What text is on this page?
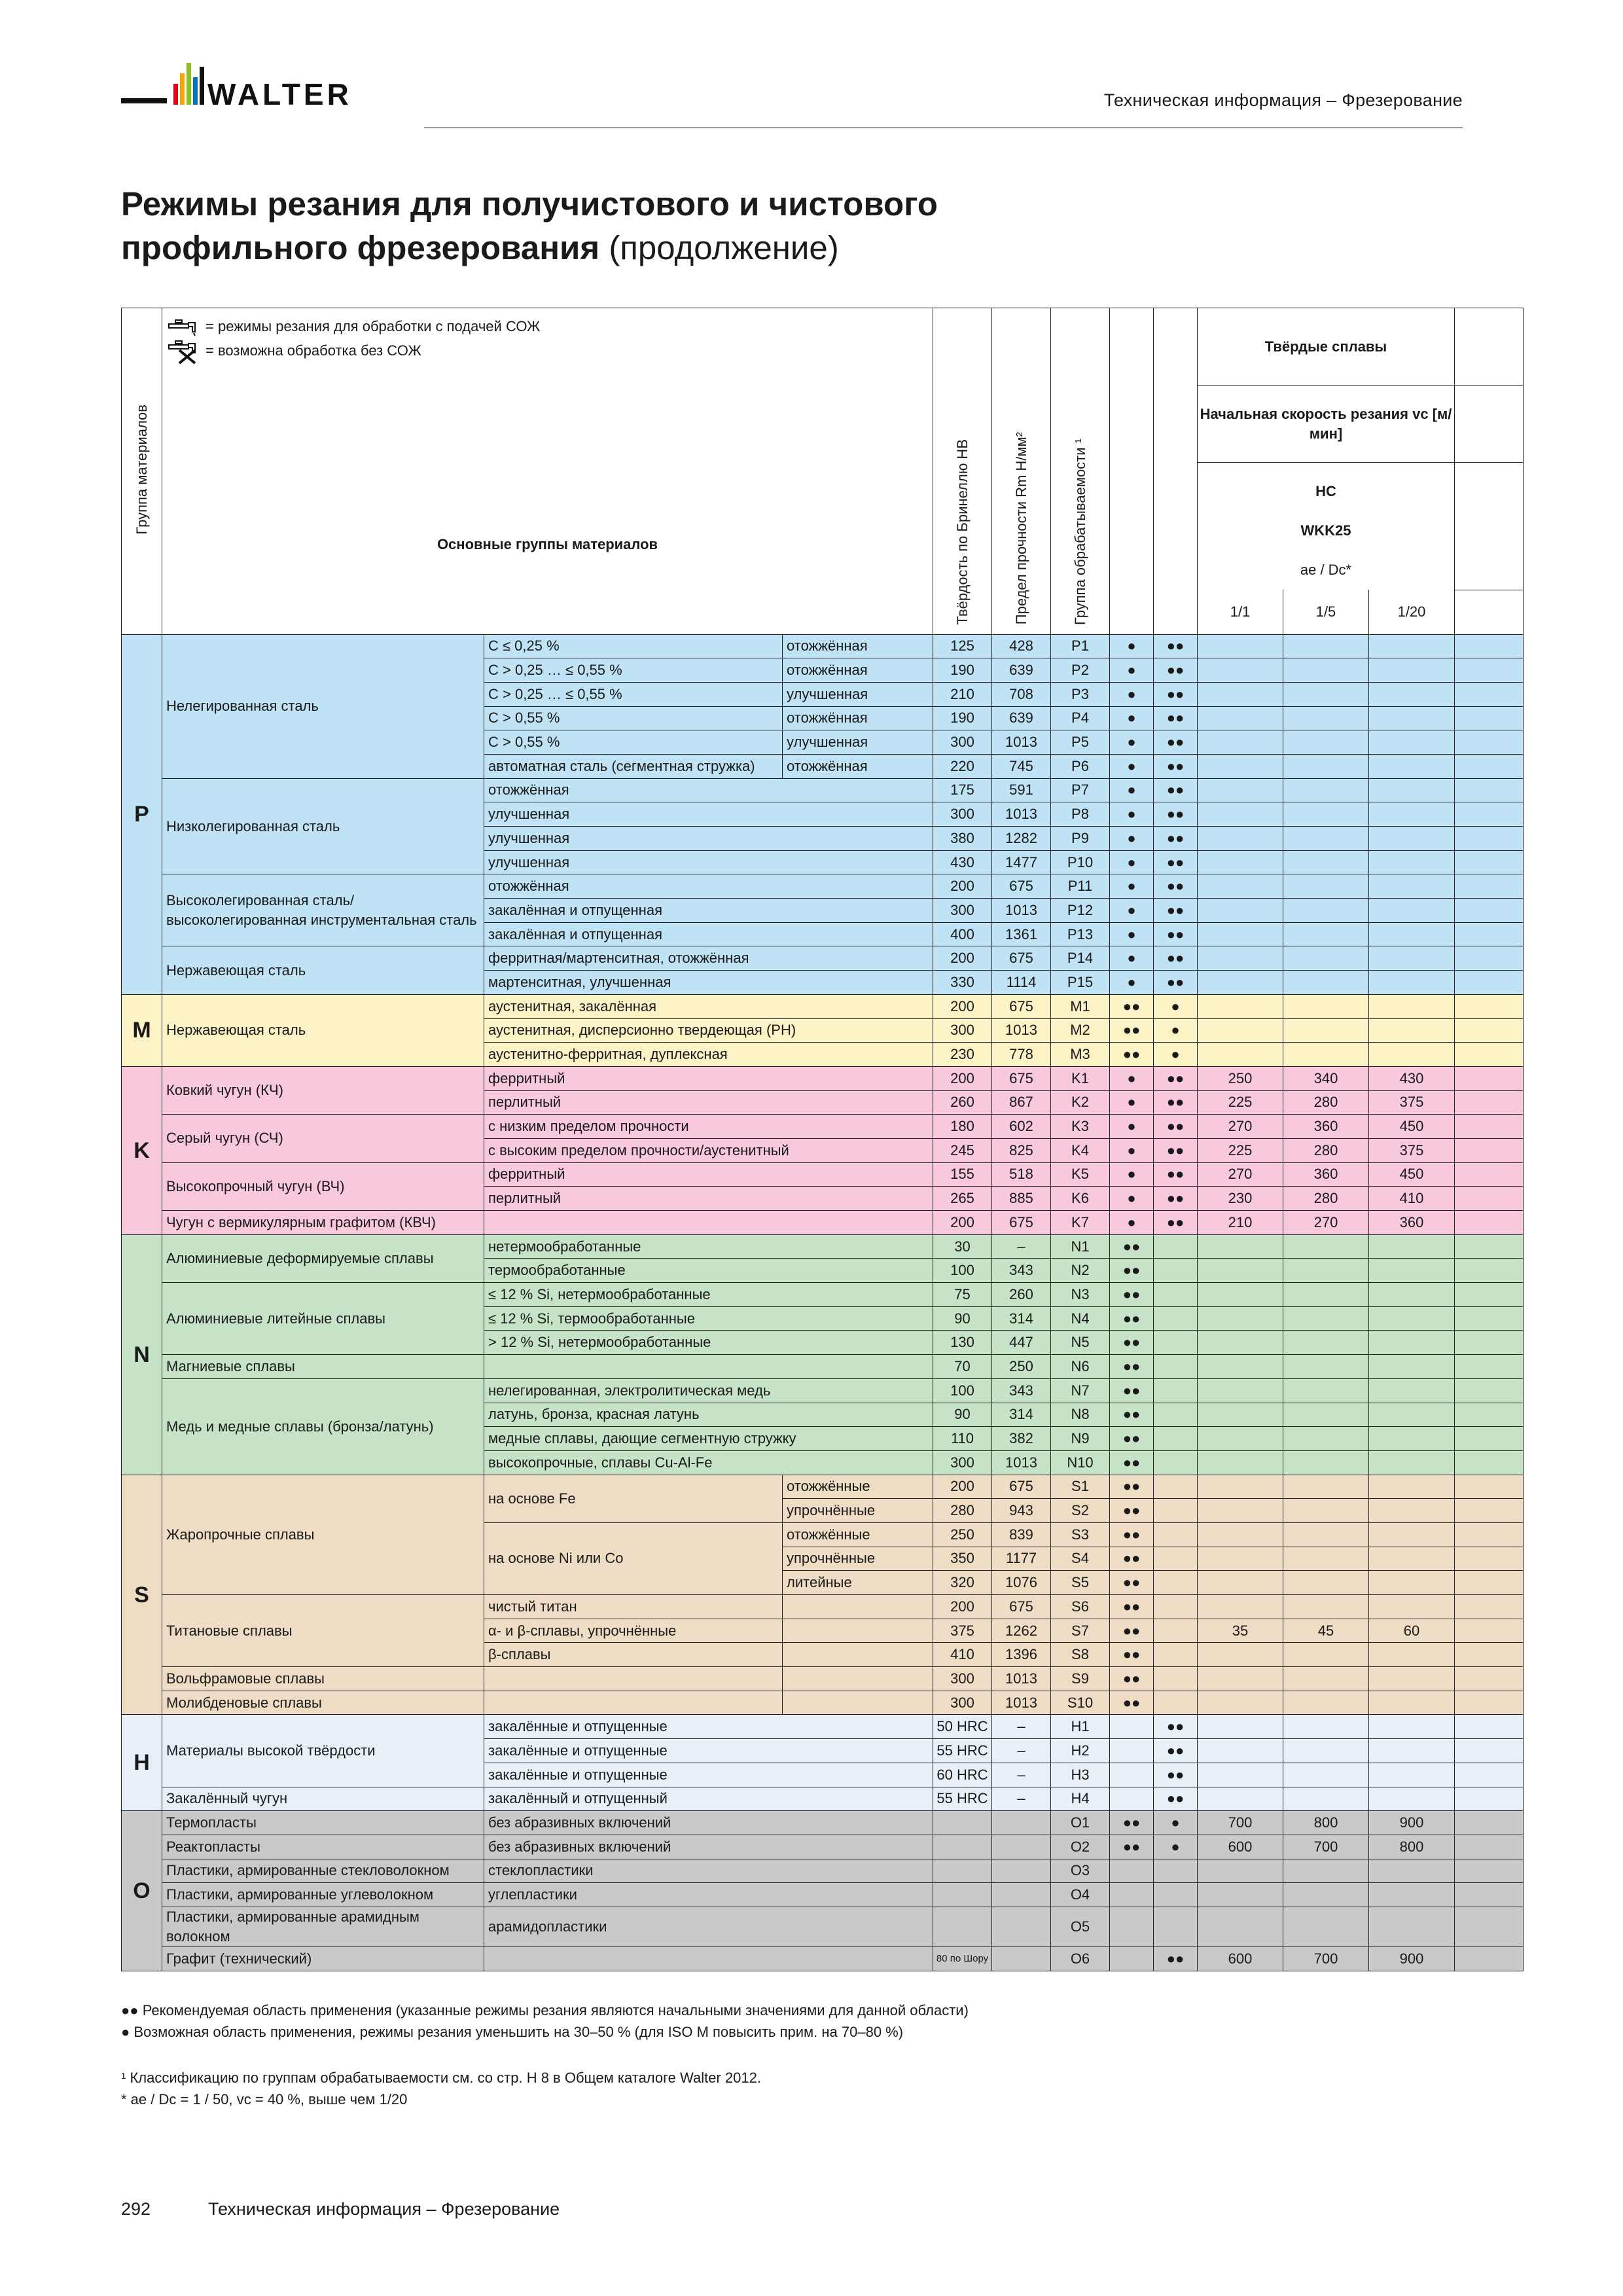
WALTER	Техническая информация – Фрезерование
Режимы резания для получистового и чистового профильного фрезерования (продолжение)
Группа материалов	= режимы резания для обработки с подачей СОЖ
= возможна обработка без СОЖ
Основные группы материалов			Твёрдость по Бринеллю HB	Предел прочности Rm Н/мм²	Группа обрабатываемости ¹			Твёрдые сплавы			
									Начальная скорость резания vc [м/мин]			

									HC
WKK25
ae / Dc*			

									1/1	1/5	1/20	
P	Нелегированная сталь	C ≤ 0,25 %	отожжённая	125	428	P1	●	●●				
		C > 0,25 … ≤ 0,55 %	отожжённая	190	639	P2	●	●●				
		C > 0,25 … ≤ 0,55 %	улучшенная	210	708	P3	●	●●				
		C > 0,55 %	отожжённая	190	639	P4	●	●●				
		C > 0,55 %	улучшенная	300	1013	P5	●	●●				
		автоматная сталь (сегментная стружка)	отожжённая	220	745	P6	●	●●				
	Низколегированная сталь	отожжённая		175	591	P7	●	●●				
		улучшенная		300	1013	P8	●	●●				
		улучшенная		380	1282	P9	●	●●				
		улучшенная		430	1477	P10	●	●●				
	Высоколегированная сталь/высоколегированная инструментальная сталь	отожжённая		200	675	P11	●	●●				
		закалённая и отпущенная		300	1013	P12	●	●●				
		закалённая и отпущенная		400	1361	P13	●	●●				
	Нержавеющая сталь	ферритная/мартенситная, отожжённая		200	675	P14	●	●●				
		мартенситная, улучшенная		330	1114	P15	●	●●				
M	Нержавеющая сталь	аустенитная, закалённая		200	675	M1	●●	●				
		аустенитная, дисперсионно твердеющая (PH)		300	1013	M2	●●	●				
		аустенитно-ферритная, дуплексная		230	778	M3	●●	●				
K	Ковкий чугун (КЧ)	ферритный		200	675	K1	●	●●	250	340	430	
		перлитный		260	867	K2	●	●●	225	280	375	
	Серый чугун (СЧ)	с низким пределом прочности		180	602	K3	●	●●	270	360	450	
		с высоким пределом прочности/аустенитный		245	825	K4	●	●●	225	280	375	
	Высокопрочный чугун (ВЧ)	ферритный		155	518	K5	●	●●	270	360	450	
		перлитный		265	885	K6	●	●●	230	280	410	
	Чугун с вермикулярным графитом (КВЧ)			200	675	K7	●	●●	210	270	360	
N	Алюминиевые деформируемые сплавы	нетермообработанные		30	–	N1	●●					
		термообработанные		100	343	N2	●●					
	Алюминиевые литейные сплавы	≤ 12 % Si, нетермообработанные		75	260	N3	●●					
		≤ 12 % Si, термообработанные		90	314	N4	●●					
		> 12 % Si, нетермообработанные		130	447	N5	●●					
	Магниевые сплавы			70	250	N6	●●					
	Медь и медные сплавы (бронза/латунь)	нелегированная, электролитическая медь		100	343	N7	●●					
		латунь, бронза, красная латунь		90	314	N8	●●					
		медные сплавы, дающие сегментную стружку		110	382	N9	●●					
		высокопрочные, сплавы Cu-Al-Fe		300	1013	N10	●●					
S	Жаропрочные сплавы	на основе Fe	отожжённые	200	675	S1	●●					
			упрочнённые	280	943	S2	●●					
		на основе Ni или Co	отожжённые	250	839	S3	●●					
			упрочнённые	350	1177	S4	●●					
			литейные	320	1076	S5	●●					
	Титановые сплавы	чистый титан		200	675	S6	●●					
		α- и β-сплавы, упрочнённые		375	1262	S7	●●		35	45	60	
		β-сплавы		410	1396	S8	●●					
	Вольфрамовые сплавы			300	1013	S9	●●					
	Молибденовые сплавы			300	1013	S10	●●					
H	Материалы высокой твёрдости	закалённые и отпущенные		50 HRC	–	H1		●●				
		закалённые и отпущенные		55 HRC	–	H2		●●				
		закалённые и отпущенные		60 HRC	–	H3		●●				
	Закалённый чугун	закалённый и отпущенный		55 HRC	–	H4		●●				
O	Термопласты	без абразивных включений				O1	●●	●	700	800	900	
	Реактопласты	без абразивных включений				O2	●●	●	600	700	800	
	Пластики, армированные стекловолокном	стеклопластики				O3						
	Пластики, армированные углеволокном	углепластики				O4						
	Пластики, армированные арамидным волокном	арамидопластики				O5						
	Графит (технический)			80 по Шору		O6		●●	600	700	900	
●● Рекомендуемая область применения (указанные режимы резания являются начальными значениями для данной области)
● Возможная область применения, режимы резания уменьшить на 30–50 % (для ISO M повысить прим. на 70–80 %)
¹ Классификацию по группам обрабатываемости см. со стр. H 8 в Общем каталоге Walter 2012.
* ae / Dc = 1 / 50, vc = 40 %, выше чем 1/20
292	Техническая информация – Фрезерование
